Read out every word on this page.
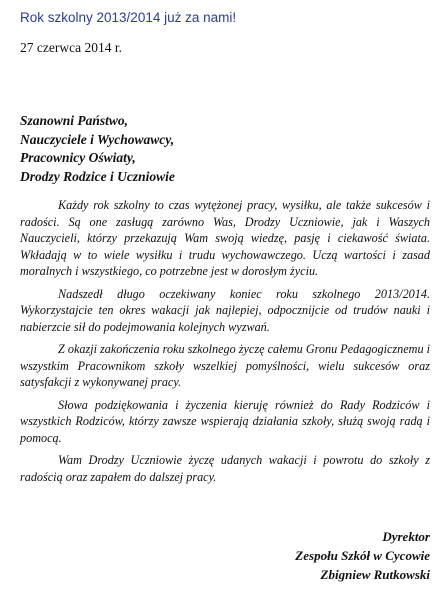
Rok szkolny 2013/2014 już za nami!
27 czerwca 2014 r.
Szanowni Państwo,
Nauczyciele i Wychowawcy,
Pracownicy Oświaty,
Drodzy Rodzice i Uczniowie

Każdy rok szkolny to czas wytężonej pracy, wysiłku, ale także sukcesów i radości. Są one zasługą zarówno Was, Drodzy Uczniowie, jak i Waszych Nauczycieli, którzy przekazują Wam swoją wiedzę, pasję i ciekawość świata. Wkładają w to wiele wysiłku i trudu wychowawczego. Uczą wartości i zasad moralnych i wszystkiego, co potrzebne jest w dorosłym życiu.

Nadszedł długo oczekiwany koniec roku szkolnego 2013/2014. Wykorzystajcie ten okres wakacji jak najlepiej, odpocznijcie od trudów nauki i nabierzcie sił do podejmowania kolejnych wyzwań.

Z okazji zakończenia roku szkolnego życzę całemu Gronu Pedagogicznemu i wszystkim Pracownikom szkoły wszelkiej pomyślności, wielu sukcesów oraz satysfakcji z wykonywanej pracy.

Słowa podziękowania i życzenia kieruję również do Rady Rodziców i wszystkich Rodziców, którzy zawsze wspierają działania szkoły, służą swoją radą i pomocą.

Wam Drodzy Uczniowie życzę udanych wakacji i powrotu do szkoły z radością oraz zapałem do dalszej pracy.

Dyrektor
Zespołu Szkół w Cycowie
Zbigniew Rutkowski
